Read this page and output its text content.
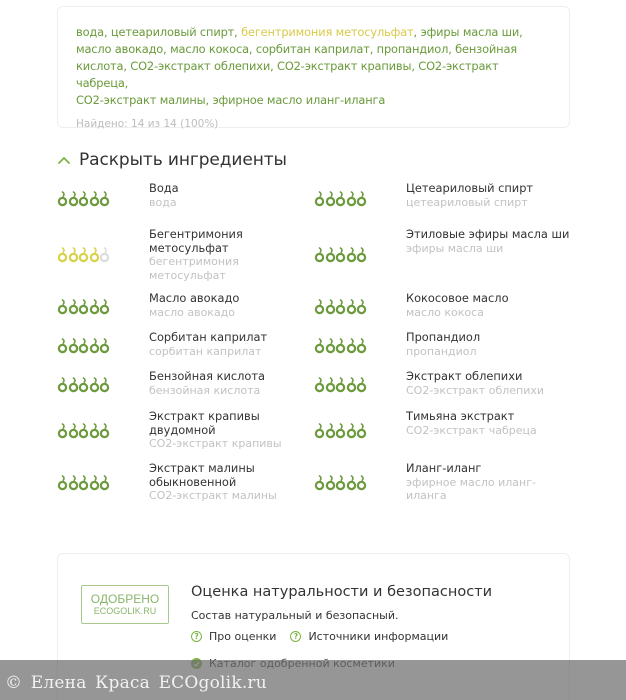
вода, цетеариловый спирт, бегентримония метосульфат, эфиры масла ши,
масло авокадо, масло кокоса, сорбитан каприлат, пропандиол, бензойная
кислота, CO2-экстракт облепихи, CO2-экстракт крапивы, CO2-экстракт чабреца,
CO2-экстракт малины, эфирное масло иланг-иланга
Найдено: 14 из 14 (100%)
Раскрыть ингредиенты
Вода
вода
Цетеариловый спирт
цетеариловый спирт
Бегентримония метосульфат
бегентримония метосульфат
Этиловые эфиры масла ши
эфиры масла ши
Масло авокадо
масло авокадо
Кокосовое масло
масло кокоса
Сорбитан каприлат
сорбитан каприлат
Пропандиол
пропандиол
Бензойная кислота
бензойная кислота
Экстракт облепихи
CO2-экстракт облепихи
Экстракт крапивы двудомной
CO2-экстракт крапивы
Тимьяна экстракт
CO2-экстракт чабреца
Экстракт малины обыкновенной
CO2-экстракт малины
Иланг-иланг
эфирное масло иланг-иланга
ОДОБРЕНО
ECOGOLIK.RU
Оценка натуральности и безопасности
Состав натуральный и безопасный.
? Про оценки	? Источники информации
© Елена Краса ECOgolik.ru
